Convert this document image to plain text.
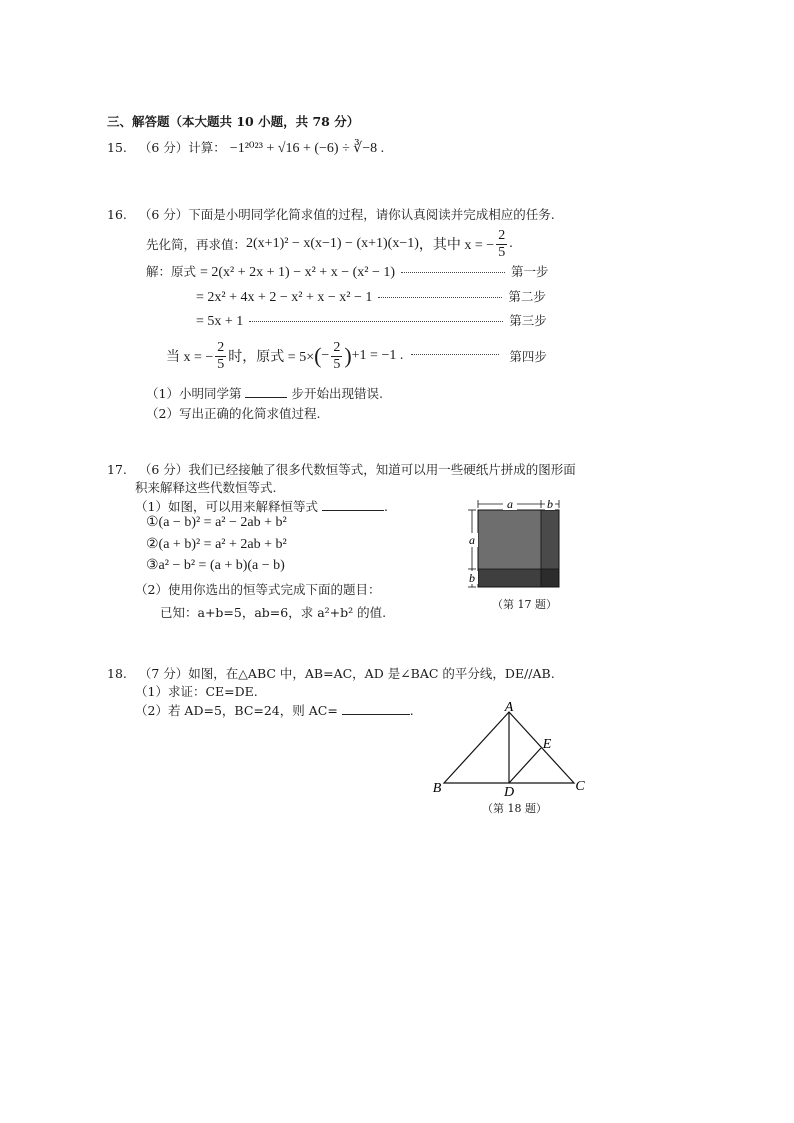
三、解答题（本大题共 10 小题，共 78 分）
15. （6 分）计算： −1²⁰²³ + √16 + (−6) ÷ ∛−8 .
16. （6 分）下面是小明同学化简求值的过程，请你认真阅读并完成相应的任务.
先化简，再求值： 2(x+1)² − x(x−1) − (x+1)(x−1) ，其中 x = − $\frac{2}{5}$ .
解：原式 = 2(x² + 2x + 1) − x² + x − (x² − 1)	第一步
= 2x² + 4x + 2 − x² + x − x² − 1	第二步
= 5x + 1	第三步
当 x = − $\frac{2}{5}$ 时，原式 = 5× ( − $\frac{2}{5}$ ) +1 = −1 .	第四步
（1）小明同学第	步开始出现错误.
（2）写出正确的化简求值过程.
17. （6 分）我们已经接触了很多代数恒等式，知道可以用一些硬纸片拼成的图形面
积来解释这些代数恒等式.
（1）如图，可以用来解释恒等式	.
①(a − b)² = a² − 2ab + b²
②(a + b)² = a² + 2ab + b²
③a² − b² = (a + b)(a − b)
（2）使用你选出的恒等式完成下面的题目：
已知：a+b=5，ab=6，求 a²+b² 的值.
a	b
a
b
（第 17 题）
18. （7 分）如图，在△ABC 中，AB=AC，AD 是∠BAC 的平分线，DE//AB.
（1）求证：CE=DE.
（2）若 AD=5，BC=24，则 AC=	.	A
B	C
D
E
（第 18 题）
